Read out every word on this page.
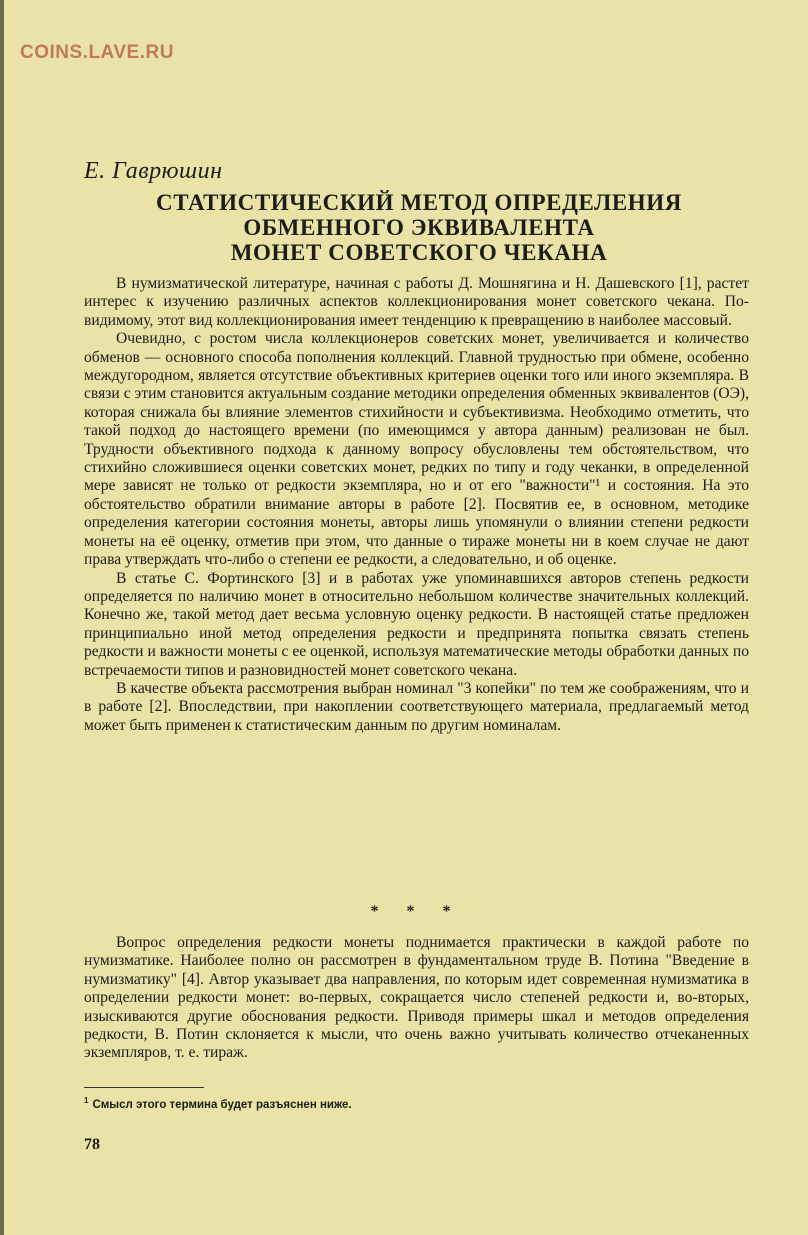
COINS.LAVE.RU
Е. Гаврюшин
СТАТИСТИЧЕСКИЙ МЕТОД ОПРЕДЕЛЕНИЯ
ОБМЕННОГО ЭКВИВАЛЕНТА
МОНЕТ СОВЕТСКОГО ЧЕКАНА

В нумизматической литературе, начиная с работы Д. Мошнягина и Н. Дашевского [1], растет интерес к изучению различных аспектов коллекционирования монет советского чекана. По-видимому, этот вид коллекционирования имеет тенденцию к превращению в наиболее массовый.

Очевидно, с ростом числа коллекционеров советских монет, увеличивается и количество обменов — основного способа пополнения коллекций. Главной трудностью при обмене, особенно междугородном, является отсутствие объективных критериев оценки того или иного экземпляра. В связи с этим становится актуальным создание методики определения обменных эквивалентов (ОЭ), которая снижала бы влияние элементов стихийности и субъективизма. Необходимо отметить, что такой подход до настоящего времени (по имеющимся у автора данным) реализован не был. Трудности объективного подхода к данному вопросу обусловлены тем обстоятельством, что стихийно сложившиеся оценки советских монет, редких по типу и году чеканки, в определенной мере зависят не только от редкости экземпляра, но и от его "важности"¹ и состояния. На это обстоятельство обратили внимание авторы в работе [2]. Посвятив ее, в основном, методике определения категории состояния монеты, авторы лишь упомянули о влиянии степени редкости монеты на её оценку, отметив при этом, что данные о тираже монеты ни в коем случае не дают права утверждать что-либо о степени ее редкости, а следовательно, и об оценке.

В статье С. Фортинского [3] и в работах уже упоминавшихся авторов степень редкости определяется по наличию монет в относительно небольшом количестве значительных коллекций. Конечно же, такой метод дает весьма условную оценку редкости. В настоящей статье предложен принципиально иной метод определения редкости и предпринята попытка связать степень редкости и важности монеты с ее оценкой, используя математические методы обработки данных по встречаемости типов и разновидностей монет советского чекана.

В качестве объекта рассмотрения выбран номинал "3 копейки" по тем же соображениям, что и в работе [2]. Впоследствии, при накоплении соответствующего материала, предлагаемый метод может быть применен к статистическим данным по другим номиналам.

* * *

Вопрос определения редкости монеты поднимается практически в каждой работе по нумизматике. Наиболее полно он рассмотрен в фундаментальном труде В. Потина "Введение в нумизматику" [4]. Автор указывает два направления, по которым идет современная нумизматика в определении редкости монет: во-первых, сокращается число степеней редкости и, во-вторых, изыскиваются другие обоснования редкости. Приводя примеры шкал и методов определения редкости, В. Потин склоняется к мысли, что очень важно учитывать количество отчеканенных экземпляров, т. е. тираж.

$^1$ Смысл этого термина будет разъяснен ниже.
78
